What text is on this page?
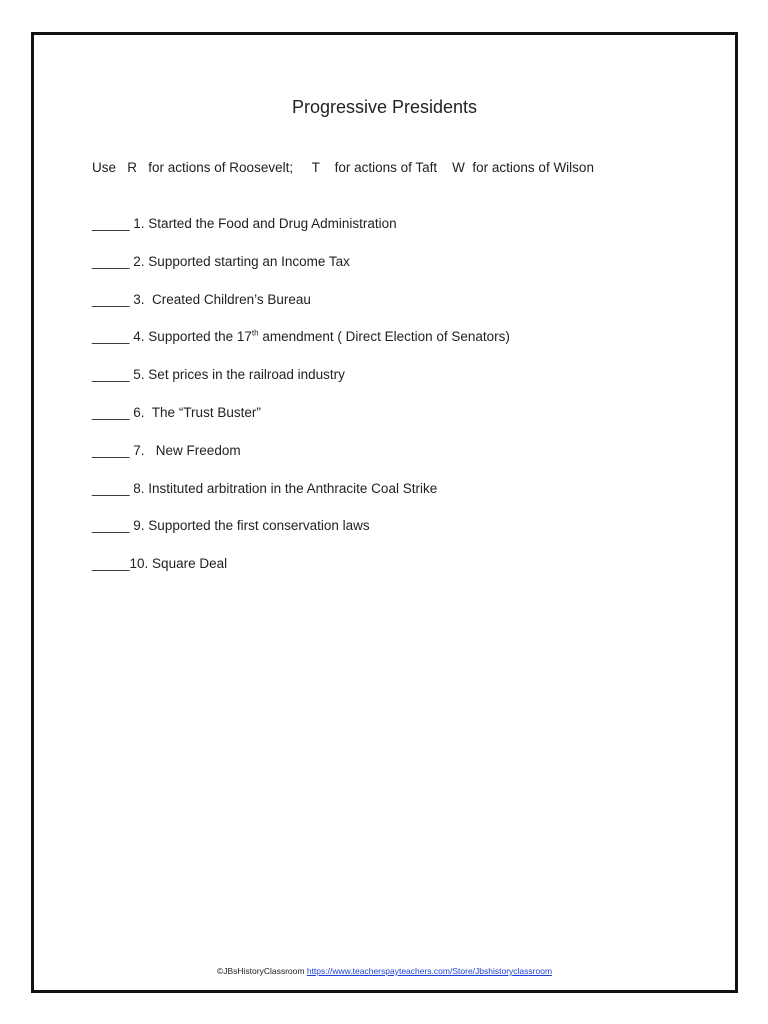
Progressive Presidents
Use   R   for actions of Roosevelt;     T    for actions of Taft    W  for actions of Wilson
_____ 1. Started the Food and Drug Administration
_____ 2. Supported starting an Income Tax
_____ 3.  Created Children’s Bureau
_____ 4. Supported the 17th amendment ( Direct Election of Senators)
_____ 5. Set prices in the railroad industry
_____ 6.  The “Trust Buster”
_____ 7.   New Freedom
_____ 8. Instituted arbitration in the Anthracite Coal Strike
_____ 9. Supported the first conservation laws
_____10. Square Deal
©JBsHistoryClassroom https://www.teacherspayteachers.com/Store/Jbshistoryclassroom
